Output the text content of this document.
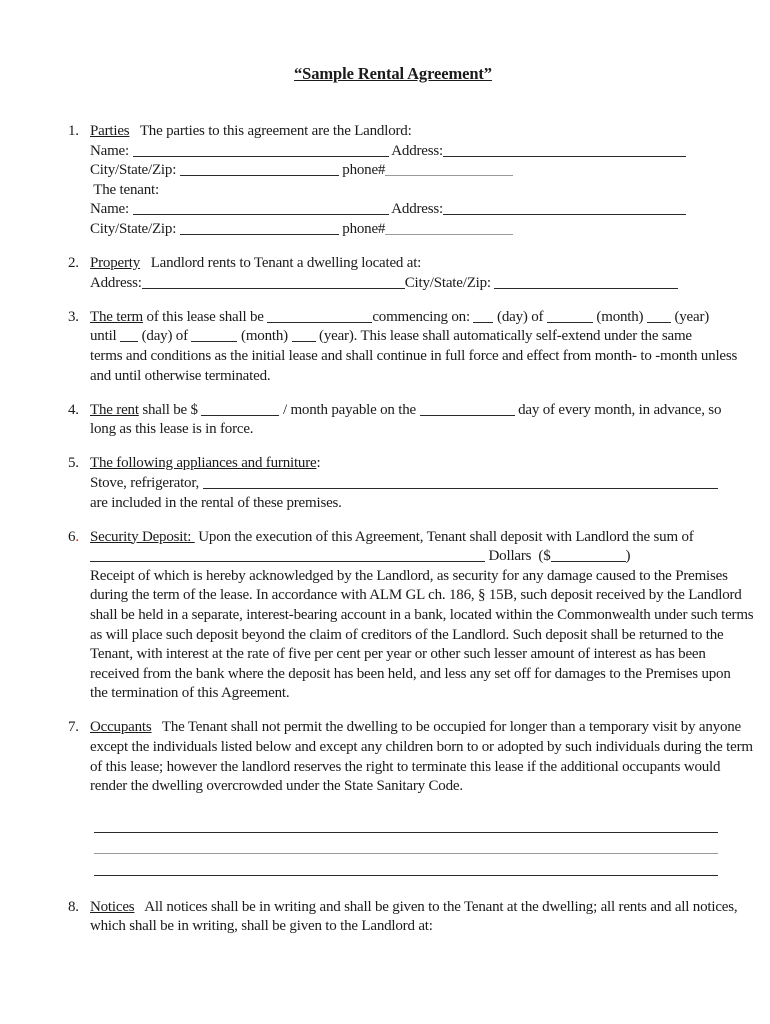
“Sample Rental Agreement”
1. Parties   The parties to this agreement are the Landlord:
Name:	Address:
City/State/Zip:	phone#
The tenant:
Name:	Address:
City/State/Zip:	phone#
2. Property   Landlord rents to Tenant a dwelling located at:
Address:	City/State/Zip:
3. The term of this lease shall be	commencing on:  (day) of	(month)  (year)
until  (day) of	(month)  (year). This lease shall automatically self-extend under the same
terms and conditions as the initial lease and shall continue in full force and effect from month- to -month unless
and until otherwise terminated.
4. The rent shall be $	/ month payable on the	day of every month, in advance, so
long as this lease is in force.
5. The following appliances and furniture:
Stove, refrigerator,
are included in the rental of these premises.
6. Security Deposit:  Upon the execution of this Agreement, Tenant shall deposit with Landlord the sum of
Dollars  ($	)
Receipt of which is hereby acknowledged by the Landlord, as security for any damage caused to the Premises
during the term of the lease. In accordance with ALM GL ch. 186, § 15B, such deposit received by the Landlord
shall be held in a separate, interest-bearing account in a bank, located within the Commonwealth under such terms
as will place such deposit beyond the claim of creditors of the Landlord. Such deposit shall be returned to the
Tenant, with interest at the rate of five per cent per year or other such lesser amount of interest as has been
received from the bank where the deposit has been held, and less any set off for damages to the Premises upon
the termination of this Agreement.
7. Occupants   The Tenant shall not permit the dwelling to be occupied for longer than a temporary visit by anyone
except the individuals listed below and except any children born to or adopted by such individuals during the term
of this lease; however the landlord reserves the right to terminate this lease if the additional occupants would
render the dwelling overcrowded under the State Sanitary Code.
8. Notices   All notices shall be in writing and shall be given to the Tenant at the dwelling; all rents and all notices,
which shall be in writing, shall be given to the Landlord at:
